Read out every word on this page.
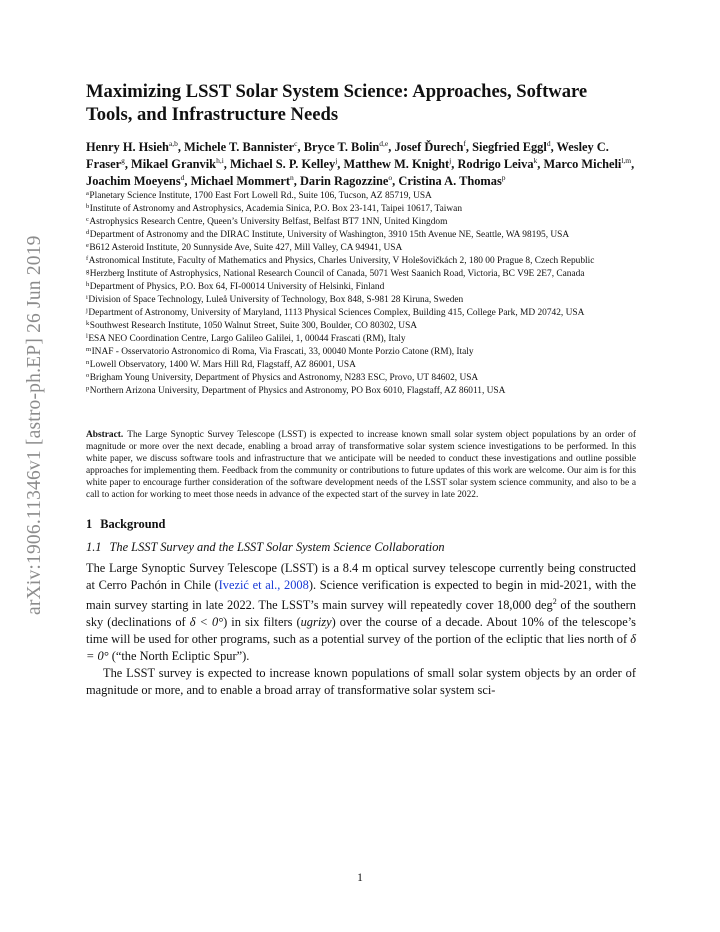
arXiv:1906.11346v1 [astro-ph.EP] 26 Jun 2019
Maximizing LSST Solar System Science: Approaches, Software Tools, and Infrastructure Needs
Henry H. Hsieh$^{a,b}$, Michele T. Bannister$^c$, Bryce T. Bolin$^{d,e}$, Josef Ďurech$^f$, Siegfried Eggl$^d$, Wesley C. Fraser$^g$, Mikael Granvik$^{h,i}$, Michael S. P. Kelley$^j$, Matthew M. Knight$^j$, Rodrigo Leiva$^k$, Marco Micheli$^{l,m}$, Joachim Moeyens$^d$, Michael Mommert$^n$, Darin Ragozzine$^o$, Cristina A. Thomas$^p$
$^a$Planetary Science Institute, 1700 East Fort Lowell Rd., Suite 106, Tucson, AZ 85719, USA
$^b$Institute of Astronomy and Astrophysics, Academia Sinica, P.O. Box 23-141, Taipei 10617, Taiwan
$^c$Astrophysics Research Centre, Queen’s University Belfast, Belfast BT7 1NN, United Kingdom
$^d$Department of Astronomy and the DIRAC Institute, University of Washington, 3910 15th Avenue NE, Seattle, WA 98195, USA
$^e$B612 Asteroid Institute, 20 Sunnyside Ave, Suite 427, Mill Valley, CA 94941, USA
$^f$Astronomical Institute, Faculty of Mathematics and Physics, Charles University, V Holešovičkách 2, 180 00 Prague 8, Czech Republic
$^g$Herzberg Institute of Astrophysics, National Research Council of Canada, 5071 West Saanich Road, Victoria, BC V9E 2E7, Canada
$^h$Department of Physics, P.O. Box 64, FI-00014 University of Helsinki, Finland
$^i$Division of Space Technology, Luleå University of Technology, Box 848, S-981 28 Kiruna, Sweden
$^j$Department of Astronomy, University of Maryland, 1113 Physical Sciences Complex, Building 415, College Park, MD 20742, USA
$^k$Southwest Research Institute, 1050 Walnut Street, Suite 300, Boulder, CO 80302, USA
$^l$ESA NEO Coordination Centre, Largo Galileo Galilei, 1, 00044 Frascati (RM), Italy
$^m$INAF - Osservatorio Astronomico di Roma, Via Frascati, 33, 00040 Monte Porzio Catone (RM), Italy
$^n$Lowell Observatory, 1400 W. Mars Hill Rd, Flagstaff, AZ 86001, USA
$^o$Brigham Young University, Department of Physics and Astronomy, N283 ESC, Provo, UT 84602, USA
$^p$Northern Arizona University, Department of Physics and Astronomy, PO Box 6010, Flagstaff, AZ 86011, USA
Abstract. The Large Synoptic Survey Telescope (LSST) is expected to increase known small solar system object populations by an order of magnitude or more over the next decade, enabling a broad array of transformative solar system science investigations to be performed. In this white paper, we discuss software tools and infrastructure that we anticipate will be needed to conduct these investigations and outline possible approaches for implementing them. Feedback from the community or contributions to future updates of this work are welcome. Our aim is for this white paper to encourage further consideration of the software development needs of the LSST solar system science community, and also to be a call to action for working to meet those needs in advance of the expected start of the survey in late 2022.
1 Background
1.1 The LSST Survey and the LSST Solar System Science Collaboration

The Large Synoptic Survey Telescope (LSST) is a 8.4 m optical survey telescope currently being constructed at Cerro Pachón in Chile (Ivezić et al., 2008). Science verification is expected to begin in mid-2021, with the main survey starting in late 2022. The LSST’s main survey will repeatedly cover 18,000 deg$^2$ of the southern sky (declinations of δ < 0°) in six filters (ugrizy) over the course of a decade. About 10% of the telescope’s time will be used for other programs, such as a potential survey of the portion of the ecliptic that lies north of δ = 0° (“the North Ecliptic Spur”).

The LSST survey is expected to increase known populations of small solar system objects by an order of magnitude or more, and to enable a broad array of transformative solar system sci-

1
